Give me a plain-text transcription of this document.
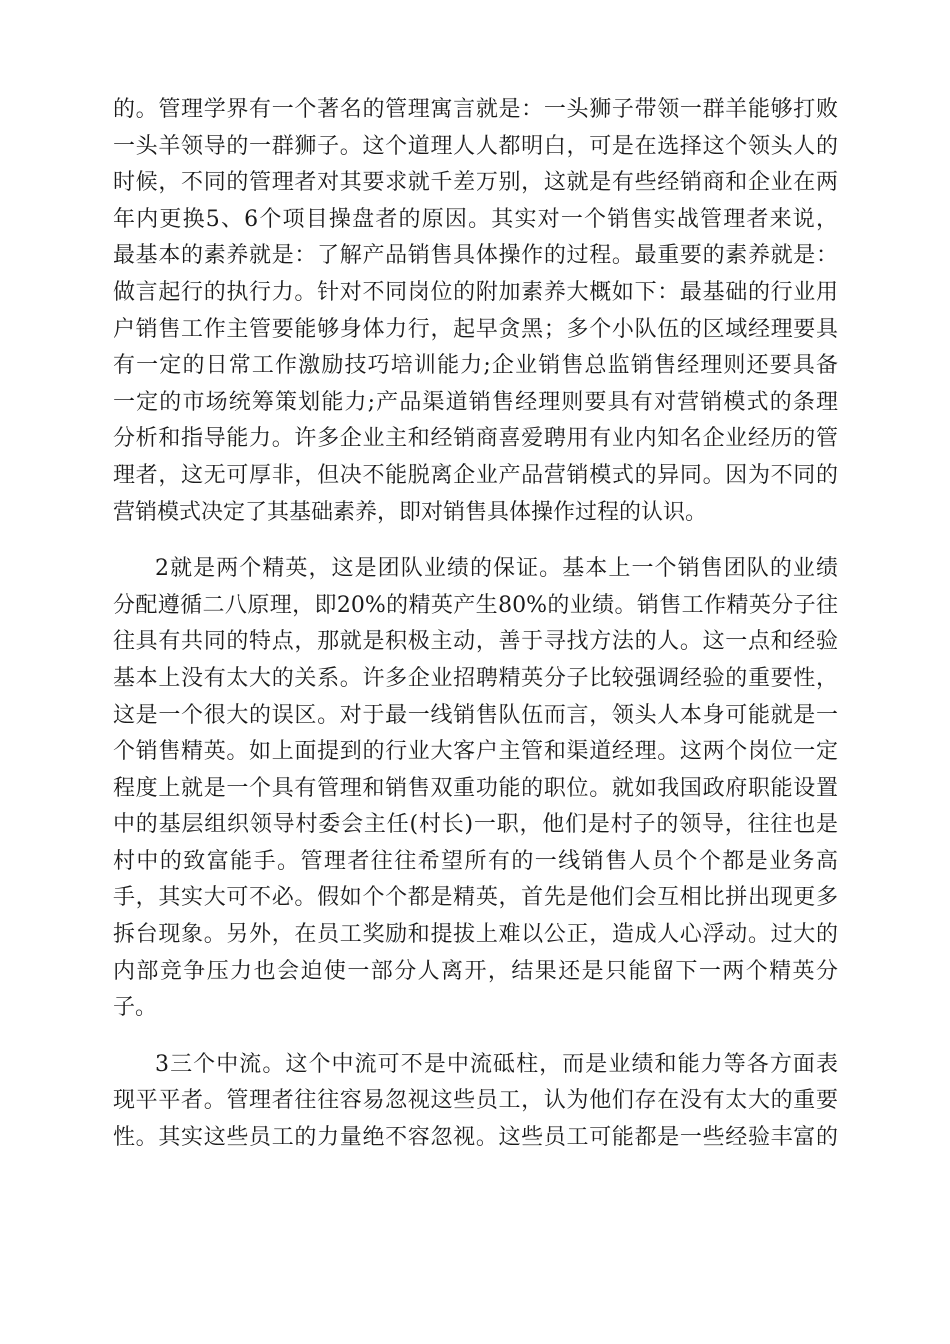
的。管理学界有一个著名的管理寓言就是：一头狮子带领一群羊能够打败
一头羊领导的一群狮子。这个道理人人都明白，可是在选择这个领头人的
时候，不同的管理者对其要求就千差万别，这就是有些经销商和企业在两
年内更换5、6个项目操盘者的原因。其实对一个销售实战管理者来说，
最基本的素养就是：了解产品销售具体操作的过程。最重要的素养就是：
做言起行的执行力。针对不同岗位的附加素养大概如下：最基础的行业用
户销售工作主管要能够身体力行，起早贪黑；多个小队伍的区域经理要具
有一定的日常工作激励技巧培训能力;企业销售总监销售经理则还要具备
一定的市场统筹策划能力;产品渠道销售经理则要具有对营销模式的条理
分析和指导能力。许多企业主和经销商喜爱聘用有业内知名企业经历的管
理者，这无可厚非，但决不能脱离企业产品营销模式的异同。因为不同的
营销模式决定了其基础素养，即对销售具体操作过程的认识。

2就是两个精英，这是团队业绩的保证。基本上一个销售团队的业绩
分配遵循二八原理，即20%的精英产生80%的业绩。销售工作精英分子往
往具有共同的特点，那就是积极主动，善于寻找方法的人。这一点和经验
基本上没有太大的关系。许多企业招聘精英分子比较强调经验的重要性，
这是一个很大的误区。对于最一线销售队伍而言，领头人本身可能就是一
个销售精英。如上面提到的行业大客户主管和渠道经理。这两个岗位一定
程度上就是一个具有管理和销售双重功能的职位。就如我国政府职能设置
中的基层组织领导村委会主任(村长)一职，他们是村子的领导，往往也是
村中的致富能手。管理者往往希望所有的一线销售人员个个都是业务高
手，其实大可不必。假如个个都是精英，首先是他们会互相比拼出现更多
拆台现象。另外，在员工奖励和提拔上难以公正，造成人心浮动。过大的
内部竞争压力也会迫使一部分人离开，结果还是只能留下一两个精英分
子。

3三个中流。这个中流可不是中流砥柱，而是业绩和能力等各方面表
现平平者。管理者往往容易忽视这些员工，认为他们存在没有太大的重要
性。其实这些员工的力量绝不容忽视。这些员工可能都是一些经验丰富的
